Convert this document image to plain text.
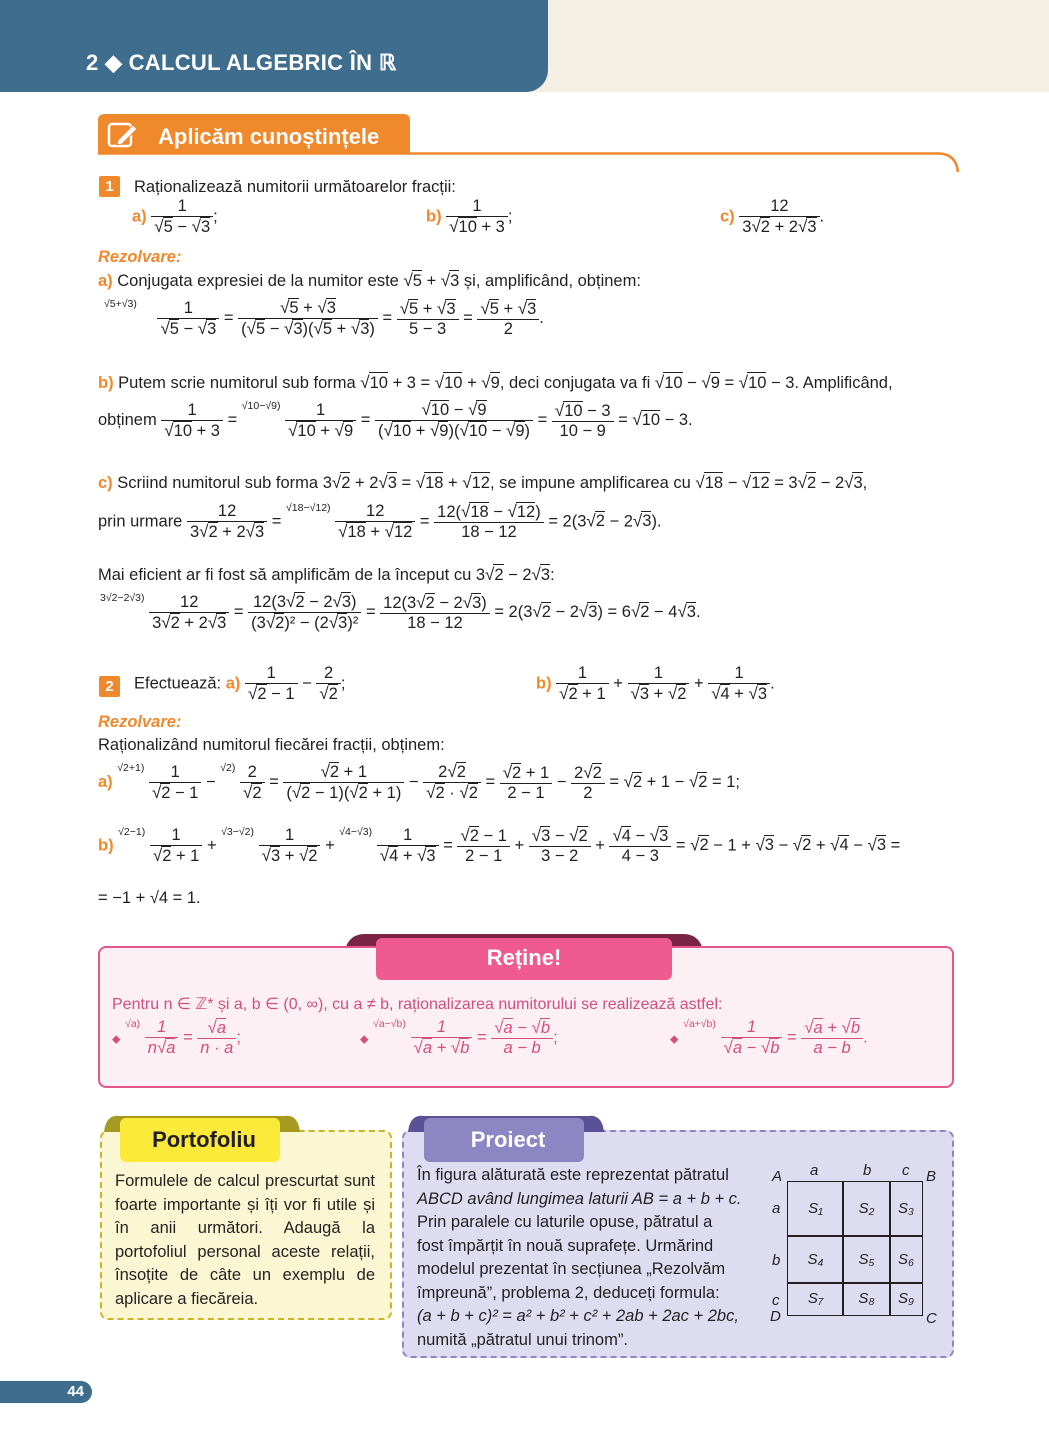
2 ◆ CALCUL ALGEBRIC ÎN ℝ
Aplicăm cunoștințele
1	Raționalizează numitorii următoarelor fracții:
$a) \frac{1}{√5 - √3}$ ;	$b) \frac{1}{√10 + 3}$ ;	$c) \frac{12}{3√2 + 2√3}$ .
Rezolvare:
a) Conjugata expresiei de la numitor este √5 + √3 și, amplificând, obținem:
$^{√5+√3)} \frac{1}{√5 - √3} = \frac{√5 + √3}{(√5 - √3)(√5 + √3)} = \frac{√5 + √3}{5 - 3} = \frac{√5 + √3}{2}$ .
b) Putem scrie numitorul sub forma √10 + 3 = √10 + √9, deci conjugata va fi √10 − √9 = √10 − 3. Amplificând,
obținem $\frac{1}{√10 + 3} = ^{√10-√9)} \frac{1}{√10 + √9} = \frac{√10 - √9}{(√10 + √9)(√10 - √9)} = \frac{√10 - 3}{10 - 9} = √10 - 3$.
c) Scriind numitorul sub forma 3√2 + 2√3 = √18 + √12, se impune amplificarea cu √18 − √12 = 3√2 − 2√3,
prin urmare $\frac{12}{3√2 + 2√3} = ^{√18-√12)} \frac{12}{√18 + √12} = \frac{12(√18 - √12)}{18 - 12} = 2(3√2 - 2√3)$.
Mai eficient ar fi fost să amplificăm de la început cu 3√2 − 2√3:
$^{3√2-2√3)} \frac{12}{3√2 + 2√3} = \frac{12(3√2 - 2√3)}{\text{(3√2)² − (2√3)²}} = \frac{12(3√2 - 2√3)}{18 - 12} = 2(3√2 - 2√3) = 6√2 - 4√3$.
2	Efectuează: $a) \frac{1}{√2 - 1} - \frac{2}{√2}$ ;	$b) \frac{1}{√2 + 1} + \frac{1}{√3 + √2} + \frac{1}{√4 + √3}$ .
Rezolvare:
Raționalizând numitorul fiecărei fracții, obținem:
a) $^{√2+1)} \frac{1}{√2 - 1} - ^{√2)} \frac{2}{√2} = \frac{√2 + 1}{(√2 - 1)(√2 + 1)} - \frac{2√2}{√2 \cdot √2} = \frac{√2 + 1}{2 - 1} - \frac{2√2}{2} = √2 + 1 - √2 = 1$;
b) $^{√2-1)} \frac{1}{√2 + 1} + ^{√3-√2)} \frac{1}{√3 + √2} + ^{√4-√3)} \frac{1}{√4 + √3} = \frac{√2 - 1}{2 - 1} + \frac{√3 - √2}{3 - 2} + \frac{√4 - √3}{4 - 3} = √2 - 1 + √3 - √2 + √4 - √3$ =
= −1 + √4 = 1.
Reține!
Pentru n ∈ ℤ* și a, b ∈ (0, ∞), cu a ≠ b, raționalizarea numitorului se realizează astfel:
◆ $^{√a)} \frac{1}{n√a} = \frac{√a}{n \cdot a}$ ;	◆ $^{√a-√b)} \frac{1}{√a + √b} = \frac{√a - √b}{a - b}$ ;	◆ $^{√a+√b)} \frac{1}{√a - √b} = \frac{√a + √b}{a - b}$ .
Portofoliu
Formulele de calcul prescurtat sunt foarte importante și îți vor fi utile și în anii următori. Adaugă la portofoliul personal aceste relații, însoțite de câte un exemplu de aplicare a fiecăreia.
Proiect
În figura alăturată este reprezentat pătratul
ABCD având lungimea laturii AB = a + b + c.
Prin paralele cu laturile opuse, pătratul a
fost împărțit în nouă suprafețe. Urmărind
modelul prezentat în secțiunea „Rezolvăm
împreună”, problema 2, deduceți formula:
(a + b + c)² = a² + b² + c² + 2ab + 2ac + 2bc,
numită „pătratul unui trinom”.
A	B
C
D
a	b c
a
b
c
S₁	S₂	S₃
S₄	S₅	S₆
S₇	S₈	S₉
44
